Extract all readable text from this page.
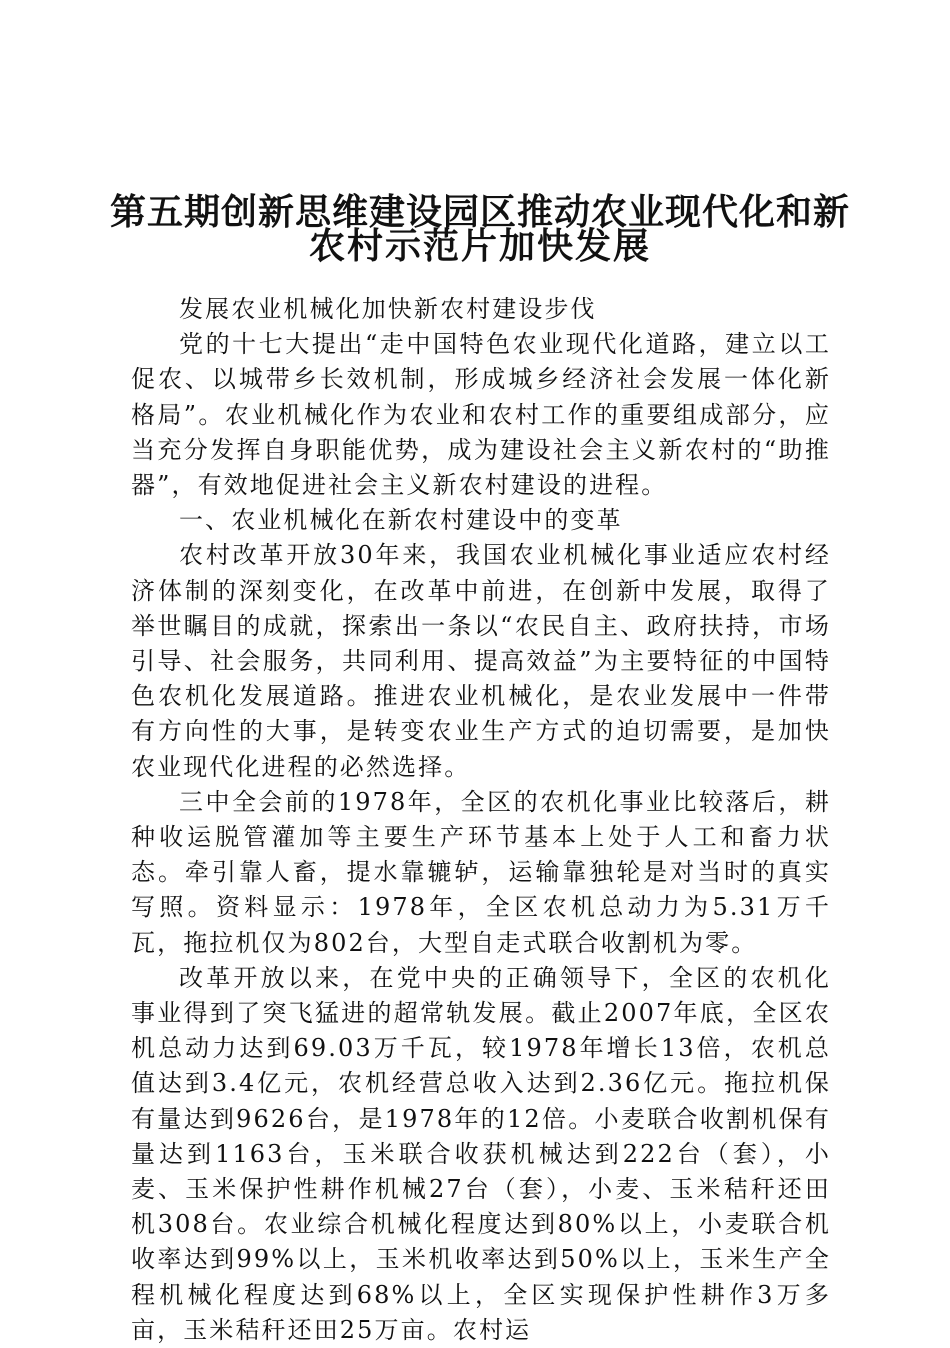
第五期创新思维建设园区推动农业现代化和新
农村示范片加快发展

发展农业机械化加快新农村建设步伐

党的十七大提出“走中国特色农业现代化道路，建立以工促农、以城带乡长效机制，形成城乡经济社会发展一体化新格局”。农业机械化作为农业和农村工作的重要组成部分，应当充分发挥自身职能优势，成为建设社会主义新农村的“助推器”，有效地促进社会主义新农村建设的进程。

一、农业机械化在新农村建设中的变革

农村改革开放30年来，我国农业机械化事业适应农村经济体制的深刻变化，在改革中前进，在创新中发展，取得了举世瞩目的成就，探索出一条以“农民自主、政府扶持，市场引导、社会服务，共同利用、提高效益”为主要特征的中国特色农机化发展道路。推进农业机械化，是农业发展中一件带有方向性的大事，是转变农业生产方式的迫切需要，是加快农业现代化进程的必然选择。

三中全会前的1978年，全区的农机化事业比较落后，耕种收运脱管灌加等主要生产环节基本上处于人工和畜力状态。牵引靠人畜，提水靠辘轳，运输靠独轮是对当时的真实写照。资料显示：1978年，全区农机总动力为5.31万千瓦，拖拉机仅为802台，大型自走式联合收割机为零。

改革开放以来，在党中央的正确领导下，全区的农机化事业得到了突飞猛进的超常轨发展。截止2007年底，全区农机总动力达到69.03万千瓦，较1978年增长13倍，农机总值达到3.4亿元，农机经营总收入达到2.36亿元。拖拉机保有量达到9626台，是1978年的12倍。小麦联合收割机保有量达到1163台，玉米联合收获机械达到222台（套），小麦、玉米保护性耕作机械27台（套），小麦、玉米秸秆还田机308台。农业综合机械化程度达到80%以上，小麦联合机收率达到99%以上，玉米机收率达到50%以上，玉米生产全程机械化程度达到68%以上，全区实现保护性耕作3万多亩，玉米秸秆还田25万亩。农村运
